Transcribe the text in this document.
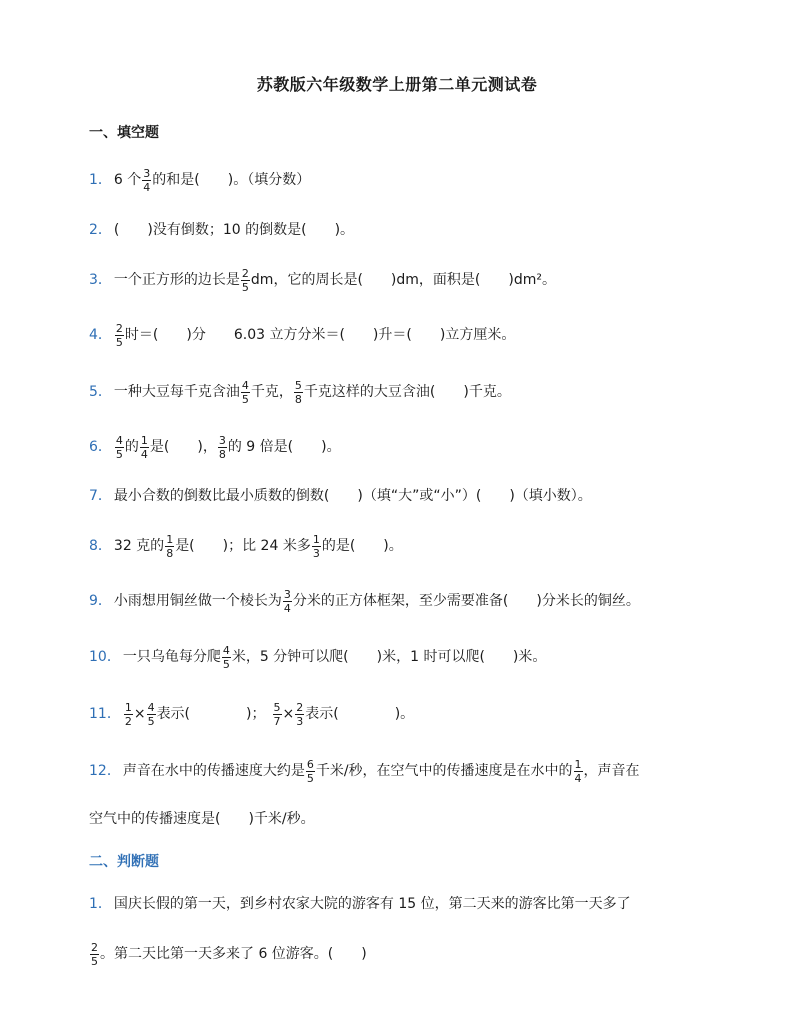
苏教版六年级数学上册第二单元测试卷
一、填空题
1． 6 个 $\frac{3}{4}$ 的和是(　　)。（填分数）
2． (　　)没有倒数；10 的倒数是(　　)。
3． 一个正方形的边长是 $\frac{2}{5}$ dm，它的周长是(　　)dm，面积是(　　)dm²。
4． $\frac{2}{5}$ 时＝(　　)分　　6.03 立方分米＝(　　)升＝(　　)立方厘米。
5． 一种大豆每千克含油 $\frac{4}{5}$ 千克， $\frac{5}{8}$ 千克这样的大豆含油(　　)千克。
6． $\frac{4}{5}$ 的 $\frac{1}{4}$ 是(　　)， $\frac{3}{8}$ 的 9 倍是(　　)。
7． 最小合数的倒数比最小质数的倒数(　　)（填“大”或“小”）(　　)（填小数）。
8． 32 克的 $\frac{1}{8}$ 是(　　)；比 24 米多 $\frac{1}{3}$ 的是(　　)。
9． 小雨想用铜丝做一个棱长为 $\frac{3}{4}$ 分米的正方体框架，至少需要准备(　　)分米长的铜丝。
10． 一只乌龟每分爬 $\frac{4}{5}$ 米，5 分钟可以爬(　　)米，1 时可以爬(　　)米。
11． $\frac{1}{2} \times \frac{4}{5}$ 表示(　　　　)； $\frac{5}{7} \times \frac{2}{3}$ 表示(　　　　)。
12． 声音在水中的传播速度大约是 $\frac{6}{5}$ 千米/秒，在空气中的传播速度是在水中的 $\frac{1}{4}$ ，声音在
空气中的传播速度是(　　)千米/秒。
二、判断题
1． 国庆长假的第一天，到乡村农家大院的游客有 15 位，第二天来的游客比第一天多了
$\frac{2}{5}$ 。第二天比第一天多来了 6 位游客。(　　)
